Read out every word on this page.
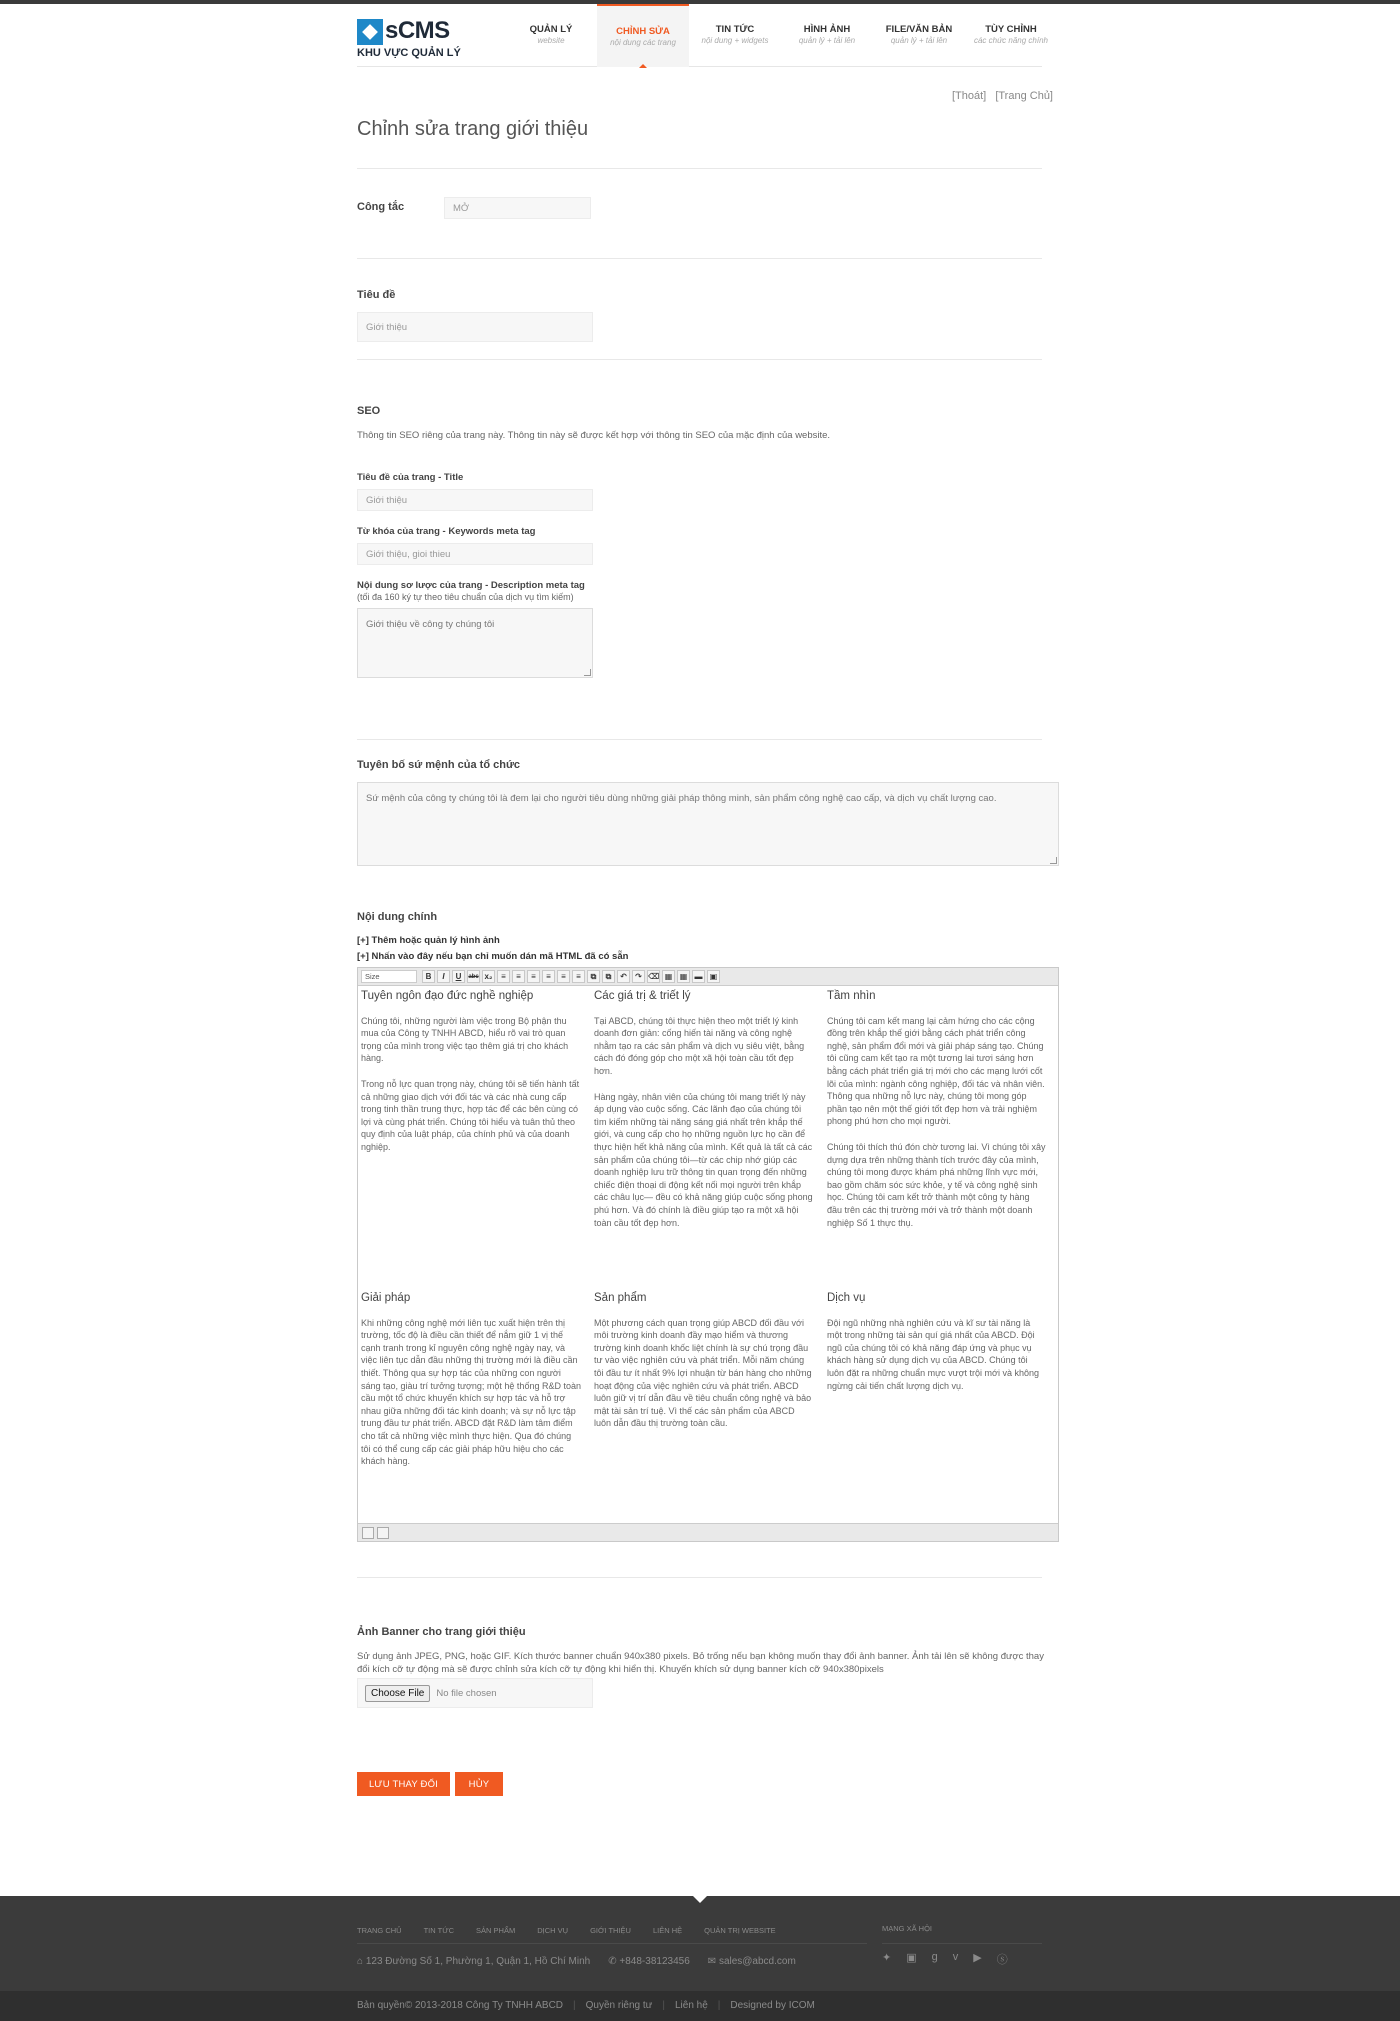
sCMS
KHU VỰC QUẢN LÝ
QUẢN LÝ
website
CHỈNH SỬA
nội dung các trang
TIN TỨC
nội dung + widgets
HÌNH ẢNH
quản lý + tải lên
FILE/VĂN BẢN
quản lý + tải lên
TÙY CHỈNH
các chức năng chính
[Thoát] [Trang Chủ]
Chỉnh sửa trang giới thiệu
Công tắc	MỞ
Tiêu đề
Giới thiệu
SEO
Thông tin SEO riêng của trang này. Thông tin này sẽ được kết hợp với thông tin SEO của mặc định của website.
Tiêu đề của trang - Title
Giới thiệu
Từ khóa của trang - Keywords meta tag
Giới thiệu, gioi thieu
Nội dung sơ lược của trang - Description meta tag
(tối đa 160 ký tự theo tiêu chuẩn của dịch vụ tìm kiếm)
Giới thiệu về công ty chúng tôi
Tuyên bố sứ mệnh của tổ chức
Sứ mệnh của công ty chúng tôi là đem lại cho người tiêu dùng những giải pháp thông minh, sản phẩm công nghệ cao cấp, và dịch vụ chất lượng cao.
Nội dung chính
[+] Thêm hoặc quản lý hình ảnh
[+] Nhấn vào đây nếu bạn chỉ muốn dán mã HTML đã có sẵn
Size	B	I	U	abc x₂	≡	≡	≡	≡	≡	≡	⧉	⧉	↶	↷ ⌫ ▦ ▦ ▬ ▣
Tuyên ngôn đạo đức nghề nghiệp

Chúng tôi, những người làm việc trong Bộ phận thu mua của Công ty TNHH ABCD, hiểu rõ vai trò quan trọng của mình trong việc tạo thêm giá trị cho khách hàng.

Trong nỗ lực quan trọng này, chúng tôi sẽ tiến hành tất cả những giao dịch với đối tác và các nhà cung cấp trong tinh thần trung thực, hợp tác để các bên cùng có lợi và cùng phát triển. Chúng tôi hiểu và tuân thủ theo quy định của luật pháp, của chính phủ và của doanh nghiệp.

Các giá trị & triết lý

Tại ABCD, chúng tôi thực hiện theo một triết lý kinh doanh đơn giản: cống hiến tài năng và công nghệ nhằm tạo ra các sản phẩm và dịch vụ siêu việt, bằng cách đó đóng góp cho một xã hội toàn cầu tốt đẹp hơn.

Hàng ngày, nhân viên của chúng tôi mang triết lý này áp dụng vào cuộc sống. Các lãnh đạo của chúng tôi tìm kiếm những tài năng sáng giá nhất trên khắp thế giới, và cung cấp cho họ những nguồn lực họ cần để thực hiện hết khả năng của mình. Kết quả là tất cả các sản phẩm của chúng tôi—từ các chip nhớ giúp các doanh nghiệp lưu trữ thông tin quan trọng đến những chiếc điện thoại di động kết nối mọi người trên khắp các châu lục— đều có khả năng giúp cuộc sống phong phú hơn. Và đó chính là điều giúp tạo ra một xã hội toàn cầu tốt đẹp hơn.

Tầm nhìn

Chúng tôi cam kết mang lại cảm hứng cho các cộng đồng trên khắp thế giới bằng cách phát triển công nghệ, sản phẩm đổi mới và giải pháp sáng tạo. Chúng tôi cũng cam kết tạo ra một tương lai tươi sáng hơn bằng cách phát triển giá trị mới cho các mạng lưới cốt lõi của mình: ngành công nghiệp, đối tác và nhân viên. Thông qua những nỗ lực này, chúng tôi mong góp phần tạo nên một thế giới tốt đẹp hơn và trải nghiệm phong phú hơn cho mọi người.

Chúng tôi thích thú đón chờ tương lai. Vì chúng tôi xây dựng dựa trên những thành tích trước đây của mình, chúng tôi mong được khám phá những lĩnh vực mới, bao gồm chăm sóc sức khỏe, y tế và công nghệ sinh học. Chúng tôi cam kết trở thành một công ty hàng đầu trên các thị trường mới và trở thành một doanh nghiệp Số 1 thực thụ.

Giải pháp

Khi những công nghệ mới liên tục xuất hiện trên thị trường, tốc độ là điều cần thiết để nắm giữ 1 vị thế cạnh tranh trong kỉ nguyên công nghệ ngày nay, và việc liên tục dẫn đầu những thị trường mới là điều cần thiết. Thông qua sự hợp tác của những con người sáng tạo, giàu trí tưởng tượng; một hệ thống R&D toàn cầu một tổ chức khuyến khích sự hợp tác và hỗ trợ nhau giữa những đối tác kinh doanh; và sự nỗ lực tập trung đầu tư phát triển. ABCD đặt R&D làm tâm điểm cho tất cả những việc mình thực hiện. Qua đó chúng tôi có thể cung cấp các giải pháp hữu hiệu cho các khách hàng.

Sản phẩm

Một phương cách quan trọng giúp ABCD đối đầu với môi trường kinh doanh đầy mạo hiểm và thương trường kinh doanh khốc liệt chính là sự chú trọng đầu tư vào việc nghiên cứu và phát triển. Mỗi năm chúng tôi đầu tư ít nhất 9% lợi nhuận từ bán hàng cho những hoạt động của việc nghiên cứu và phát triển. ABCD luôn giữ vị trí dẫn đầu về tiêu chuẩn công nghệ và bảo mật tài sản trí tuệ. Vì thế các sản phẩm của ABCD luôn dẫn đầu thị trường toàn cầu.

Dịch vụ

Đội ngũ những nhà nghiên cứu và kĩ sư tài năng là một trong những tài sản quí giá nhất của ABCD. Đội ngũ của chúng tôi có khả năng đáp ứng và phục vụ khách hàng sử dụng dịch vụ của ABCD. Chúng tôi luôn đặt ra những chuẩn mực vượt trội mới và không ngừng cải tiến chất lượng dịch vụ.

Ảnh Banner cho trang giới thiệu
Sử dụng ảnh JPEG, PNG, hoặc GIF. Kích thước banner chuẩn 940x380 pixels. Bỏ trống nếu bạn không muốn thay đổi ảnh banner. Ảnh tải lên sẽ không được thay đổi kích cỡ tự động mà sẽ được chỉnh sửa kích cỡ tự động khi hiển thị. Khuyến khích sử dụng banner kích cỡ 940x380pixels
Choose File	No file chosen
LƯU THAY ĐỔI	HỦY
TRANG CHỦ	TIN TỨC	SẢN PHẨM	DỊCH VỤ	GIỚI THIỆU	LIÊN HỆ	QUẢN TRỊ WEBSITE
⌂ 123 Đường Số 1, Phường 1, Quận 1, Hồ Chí Minh ✆ +848-38123456 ✉ sales@abcd.com
MẠNG XÃ HỘI
✦ ▣ g v ▶ ⓢ
Bản quyền© 2013-2018 Công Ty TNHH ABCD | Quyền riêng tư | Liên hệ | Designed by ICOM
